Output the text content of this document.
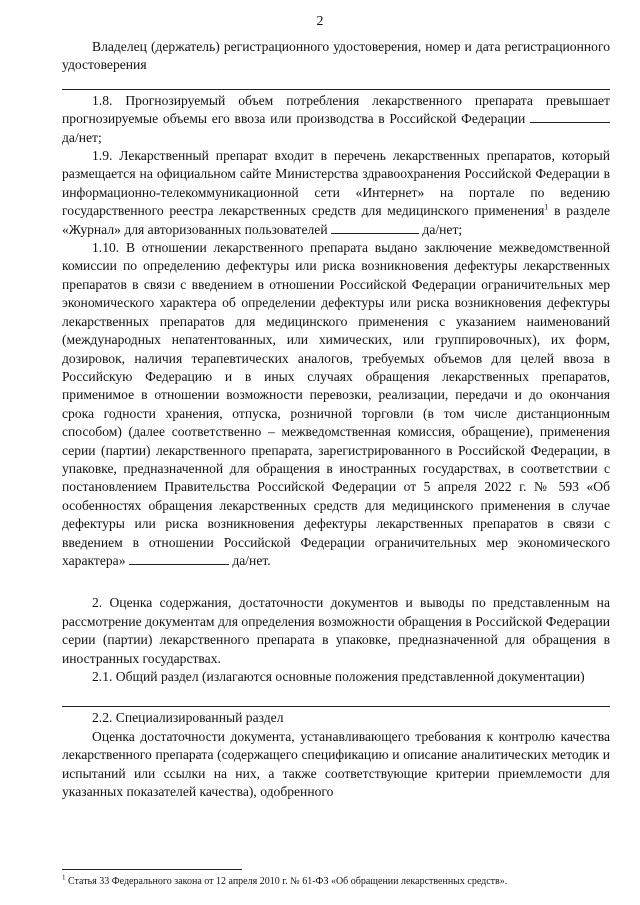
2

Владелец (держатель) регистрационного удостоверения, номер и дата регистрационного удостоверения

1.8. Прогнозируемый объем потребления лекарственного препарата превышает прогнозируемые объемы его ввоза или производства в Российской Федерации  да/нет;

1.9. Лекарственный препарат входит в перечень лекарственных препаратов, который размещается на официальном сайте Министерства здравоохранения Российской Федерации в информационно-телекоммуникационной сети «Интернет» на портале по ведению государственного реестра лекарственных средств для медицинского применения$^1$ в разделе «Журнал» для авторизованных пользователей	да/нет;

1.10. В отношении лекарственного препарата выдано заключение межведомственной комиссии по определению дефектуры или риска возникновения дефектуры лекарственных препаратов в связи с введением в отношении Российской Федерации ограничительных мер экономического характера об определении дефектуры или риска возникновения дефектуры лекарственных препаратов для медицинского применения с указанием наименований (международных непатентованных, или химических, или группировочных), их форм, дозировок, наличия терапевтических аналогов, требуемых объемов для целей ввоза в Российскую Федерацию и в иных случаях обращения лекарственных препаратов, применимое в отношении возможности перевозки, реализации, передачи и до окончания срока годности хранения, отпуска, розничной торговли (в том числе дистанционным способом) (далее соответственно – межведомственная комиссия, обращение), применения серии (партии) лекарственного препарата, зарегистрированного в Российской Федерации, в упаковке, предназначенной для обращения в иностранных государствах, в соответствии с постановлением Правительства Российской Федерации от 5 апреля 2022 г. № 593 «Об особенностях обращения лекарственных средств для медицинского применения в случае дефектуры или риска возникновения дефектуры лекарственных препаратов в связи с введением в отношении Российской Федерации ограничительных мер экономического характера»	да/нет.

2. Оценка содержания, достаточности документов и выводы по представленным на рассмотрение документам для определения возможности обращения в Российской Федерации серии (партии) лекарственного препарата в упаковке, предназначенной для обращения в иностранных государствах.

2.1. Общий раздел (излагаются основные положения представленной документации)

2.2. Специализированный раздел

Оценка достаточности документа, устанавливающего требования к контролю качества лекарственного препарата (содержащего спецификацию и описание аналитических методик и испытаний или ссылки на них, а также соответствующие критерии приемлемости для указанных показателей качества), одобренного

$^1$ Статья 33 Федерального закона от 12 апреля 2010 г. № 61-ФЗ «Об обращении лекарственных средств».
